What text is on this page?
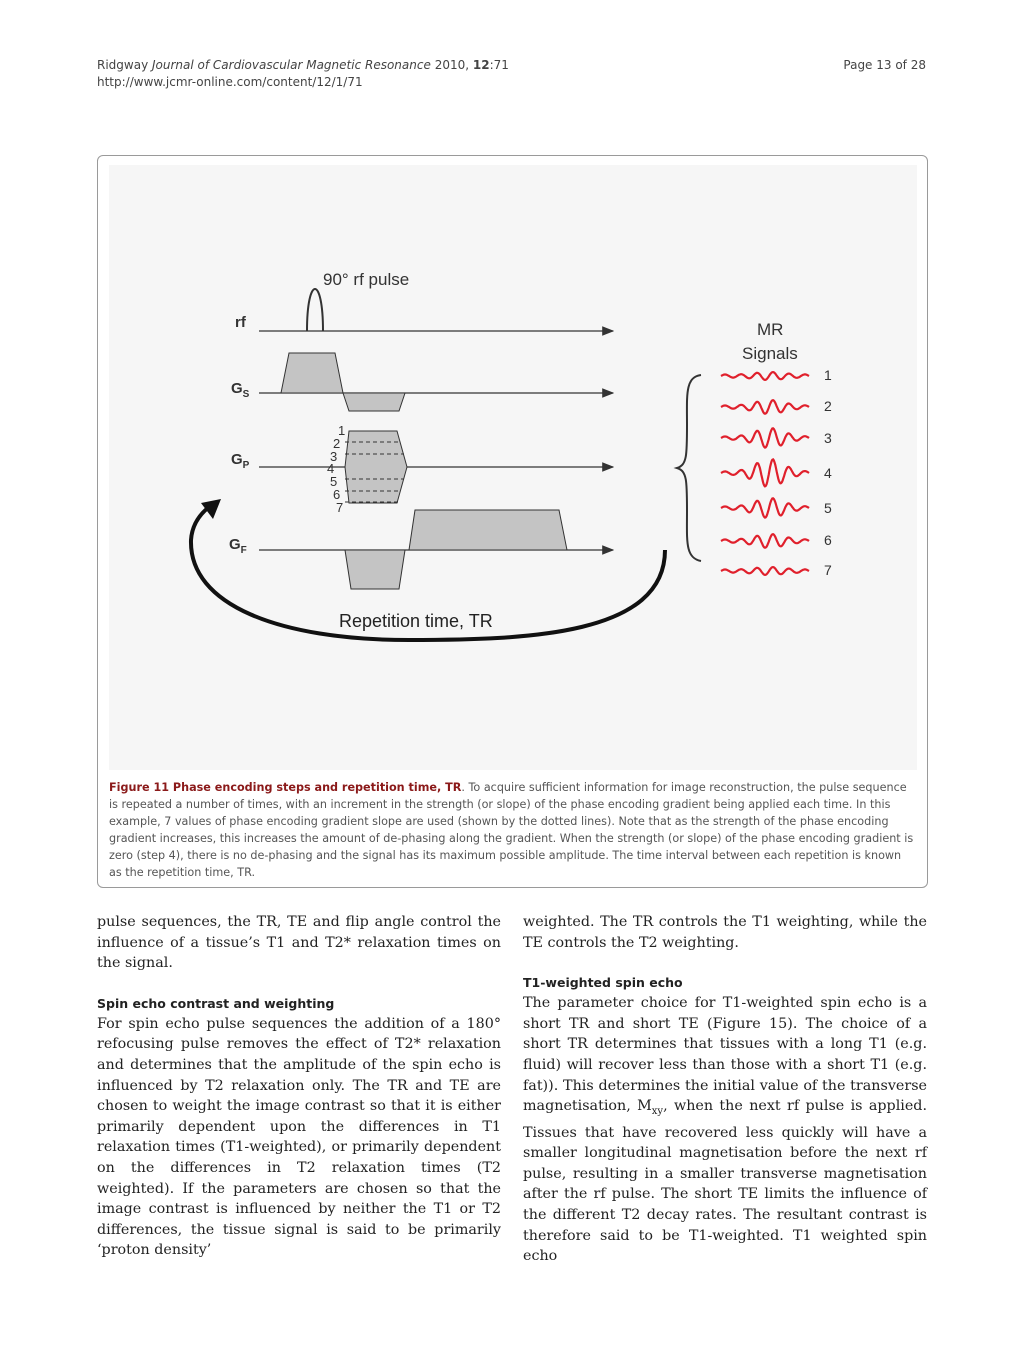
Ridgway Journal of Cardiovascular Magnetic Resonance 2010, 12:71
http://www.jcmr-online.com/content/12/1/71
Page 13 of 28
90° rf pulse
rf
$G_S$
$G_P$
1
2
3
4
5
6
7
$G_F$
Repetition time, TR
MR
Signals
1
2
3
4
5
6
7
Figure 11 Phase encoding steps and repetition time, TR. To acquire sufficient information for image reconstruction, the pulse sequence is repeated a number of times, with an increment in the strength (or slope) of the phase encoding gradient being applied each time. In this example, 7 values of phase encoding gradient slope are used (shown by the dotted lines). Note that as the strength of the phase encoding gradient increases, this increases the amount of de-phasing along the gradient. When the strength (or slope) of the phase encoding gradient is zero (step 4), there is no de-phasing and the signal has its maximum possible amplitude. The time interval between each repetition is known as the repetition time, TR.

pulse sequences, the TR, TE and flip angle control the influence of a tissue’s T1 and T2* relaxation times on the signal.

Spin echo contrast and weighting

For spin echo pulse sequences the addition of a 180° refocusing pulse removes the effect of T2* relaxation and determines that the amplitude of the spin echo is influenced by T2 relaxation only. The TR and TE are chosen to weight the image contrast so that it is either primarily dependent upon the differences in T1 relaxation times (T1-weighted), or primarily dependent on the differences in T2 relaxation times (T2 weighted). If the parameters are chosen so that the image contrast is influenced by neither the T1 or T2 differences, the tissue signal is said to be primarily ‘proton density’

weighted. The TR controls the T1 weighting, while the TE controls the T2 weighting.

T1-weighted spin echo

The parameter choice for T1-weighted spin echo is a short TR and short TE (Figure 15). The choice of a short TR determines that tissues with a long T1 (e.g. fluid) will recover less than those with a short T1 (e.g. fat)). This determines the initial value of the transverse magnetisation, $M_{xy}$, when the next rf pulse is applied. Tissues that have recovered less quickly will have a smaller longitudinal magnetisation before the next rf pulse, resulting in a smaller transverse magnetisation after the rf pulse. The short TE limits the influence of the different T2 decay rates. The resultant contrast is therefore said to be T1-weighted. T1 weighted spin echo
